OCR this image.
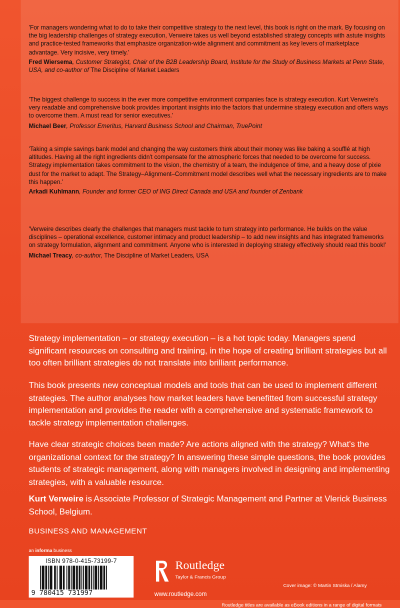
'For managers wondering what to do to take their competitive strategy to the next level, this book is right on the mark. By focusing on the big leadership challenges of strategy execution, Verweire takes us well beyond established strategy concepts with astute insights and practice-tested frameworks that emphasize organization-wide alignment and commitment as key levers of marketplace advantage. Very incisive, very timely.'

Fred Wiersema, Customer Strategist, Chair of the B2B Leadership Board, Institute for the Study of Business Markets at Penn State, USA, and co-author of The Discipline of Market Leaders

'The biggest challenge to success in the ever more competitive environment companies face is strategy execution. Kurt Verweire's very readable and comprehensive book provides important insights into the factors that undermine strategy execution and offers ways to overcome them. A must read for senior executives.'

Michael Beer, Professor Emeritus, Harvard Business School and Chairman, TruePoint

'Taking a simple savings bank model and changing the way customers think about their money was like baking a soufflé at high altitudes. Having all the right ingredients didn't compensate for the atmospheric forces that needed to be overcome for success. Strategy implementation takes commitment to the vision, the chemistry of a team, the indulgence of time, and a heavy dose of pixie dust for the market to adapt. The Strategy–Alignment–Commitment model describes well what the necessary ingredients are to make this happen.'

Arkadi Kuhlmann, Founder and former CEO of ING Direct Canada and USA and founder of Zenbank

'Verweire describes clearly the challenges that managers must tackle to turn strategy into performance. He builds on the value disciplines – operational excellence, customer intimacy and product leadership – to add new insights and has integrated frameworks on strategy formulation, alignment and commitment. Anyone who is interested in deploying strategy effectively should read this book!'

Michael Treacy, co-author, The Discipline of Market Leaders, USA

Strategy implementation – or strategy execution – is a hot topic today. Managers spend significant resources on consulting and training, in the hope of creating brilliant strategies but all too often brilliant strategies do not translate into brilliant performance.

This book presents new conceptual models and tools that can be used to implement different strategies. The author analyses how market leaders have benefitted from successful strategy implementation and provides the reader with a comprehensive and systematic framework to tackle strategy implementation challenges.

Have clear strategic choices been made? Are actions aligned with the strategy? What's the organizational context for the strategy? In answering these simple questions, the book provides students of strategic management, along with managers involved in designing and implementing strategies, with a valuable resource.

Kurt Verweire is Associate Professor of Strategic Management and Partner at Vlerick Business School, Belgium.

BUSINESS AND MANAGEMENT
an informa business
ISBN 978-0-415-73199-7
9 780415 731997
Routledge
Taylor & Francis Group
www.routledge.com
Cover image: © Martin Stmiska / Alamy
Routledge titles are available as eBook editions in a range of digital formats
